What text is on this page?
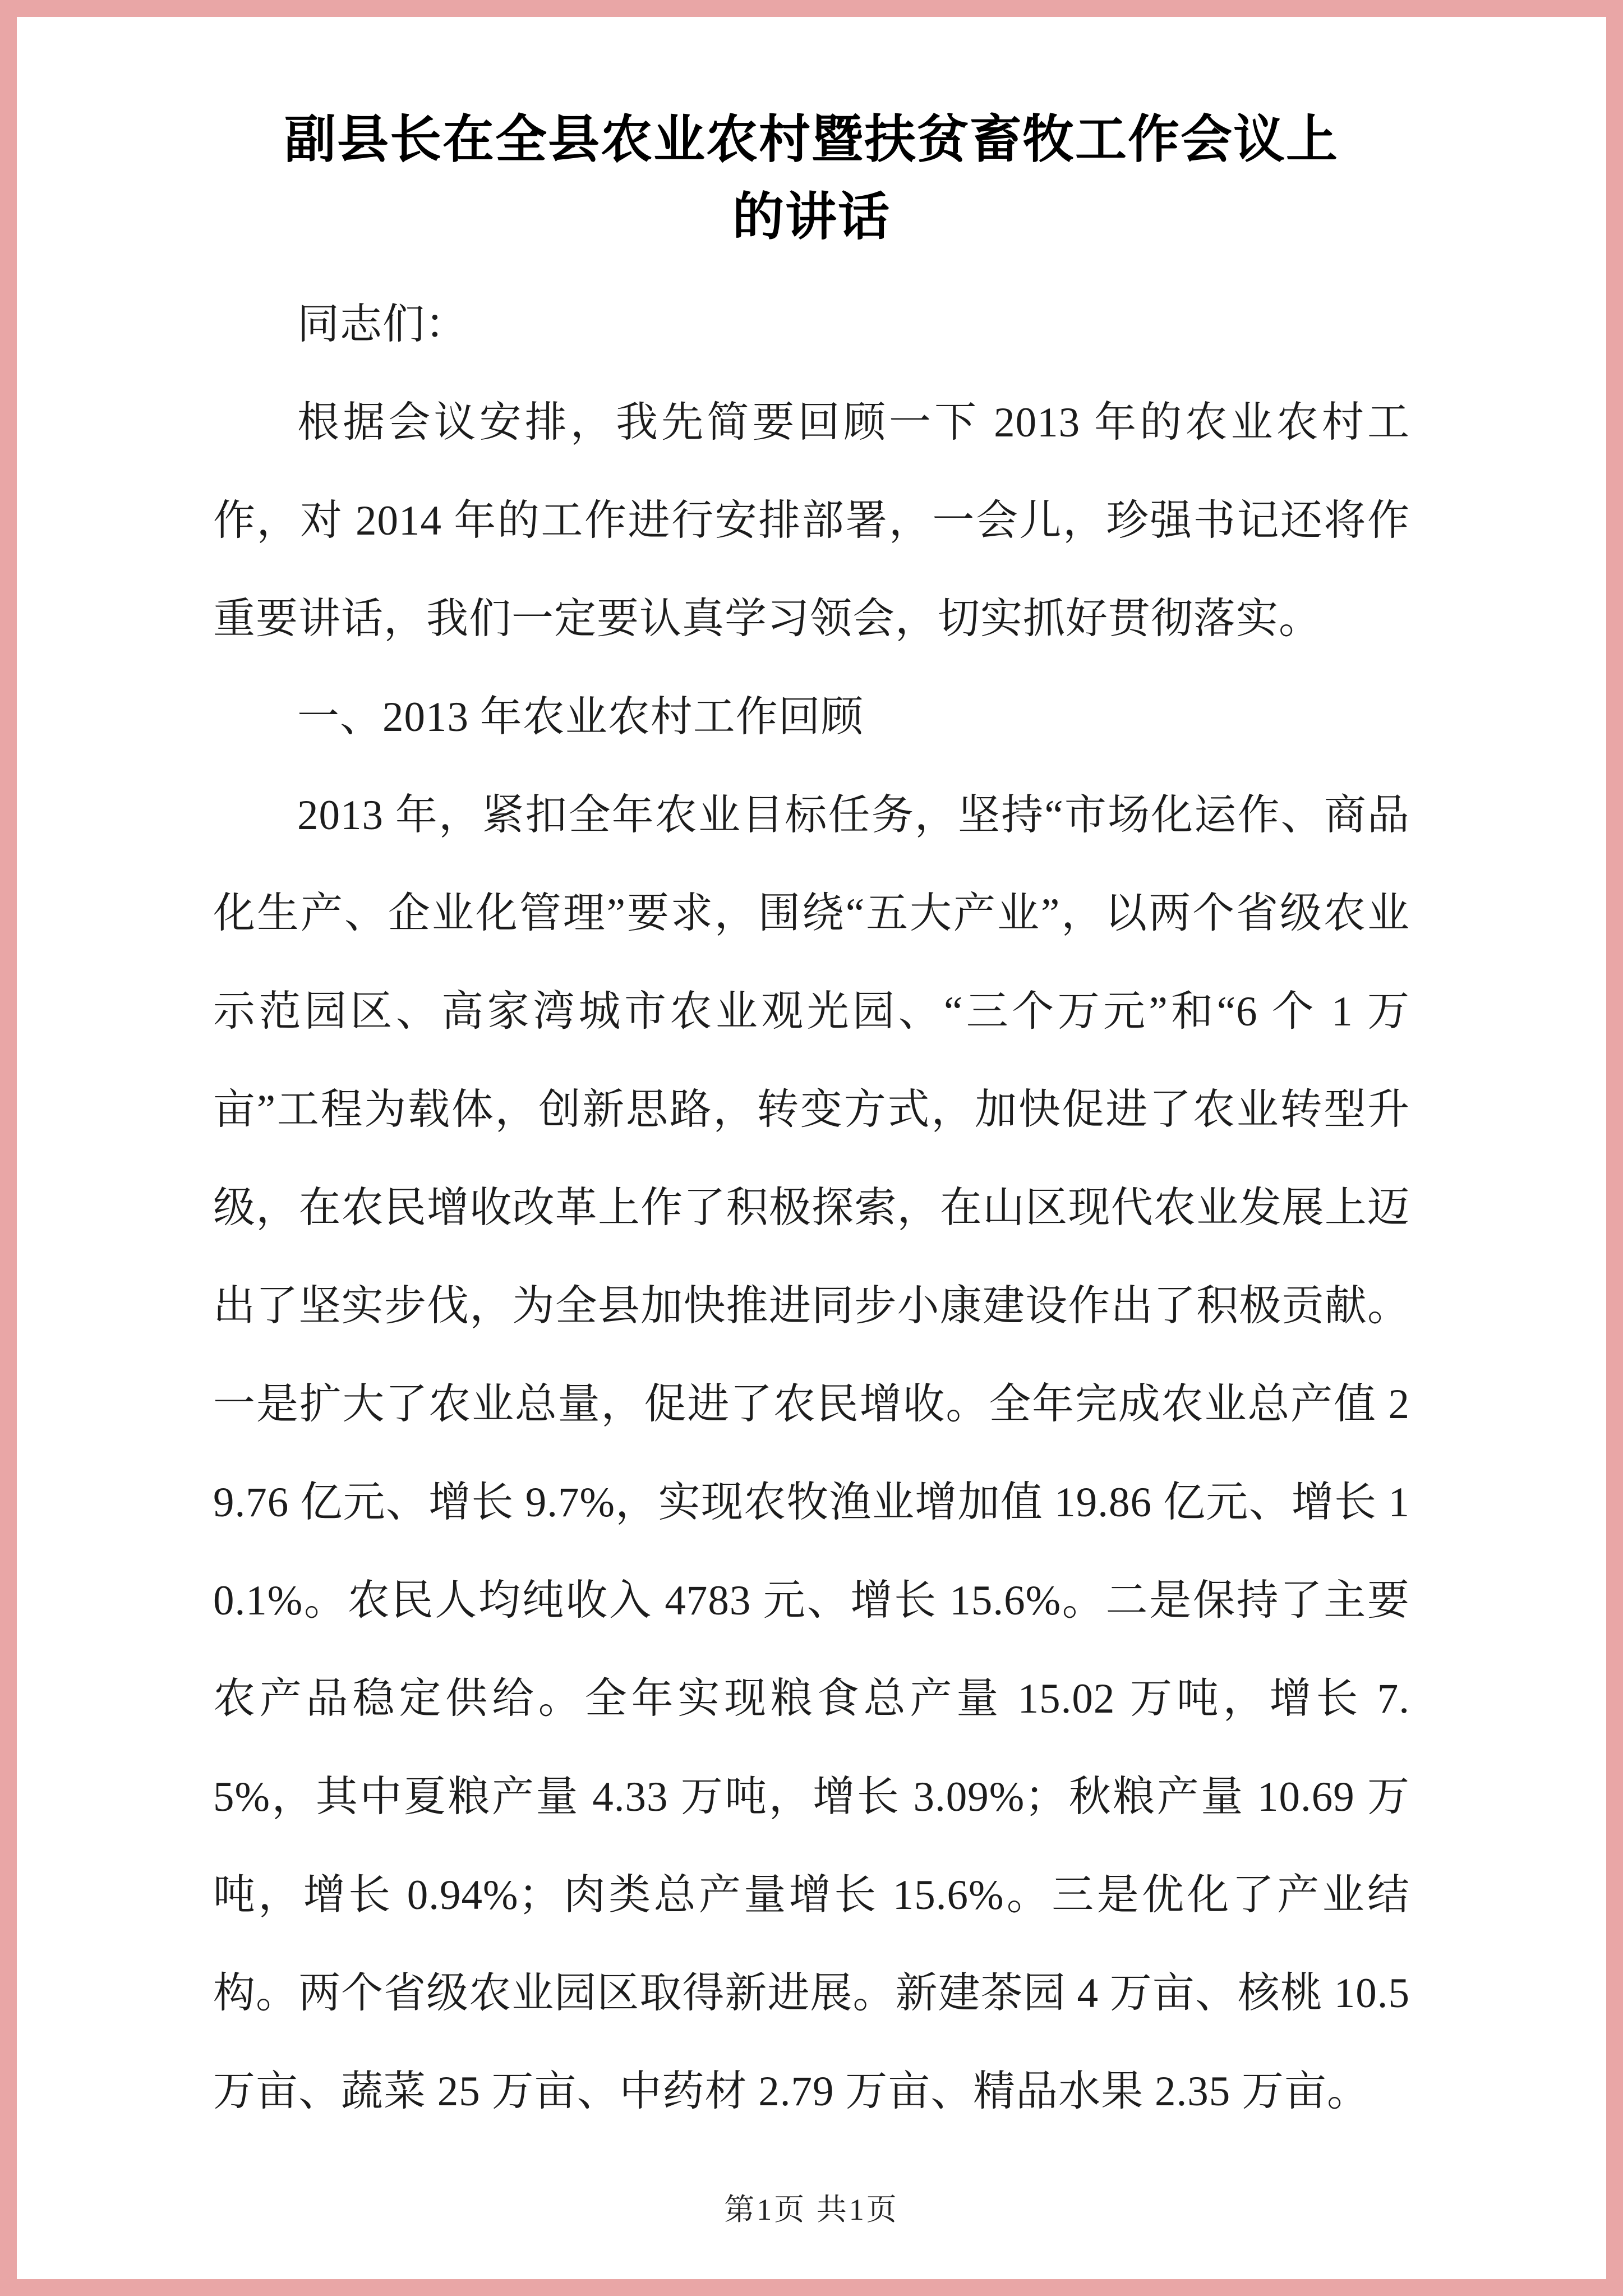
副县长在全县农业农村暨扶贫畜牧工作会议上
的讲话

同志们：

根据会议安排，我先简要回顾一下 2013 年的农业农村工作，对 2014 年的工作进行安排部署，一会儿，珍强书记还将作重要讲话，我们一定要认真学习领会，切实抓好贯彻落实。

一、2013 年农业农村工作回顾

2013 年，紧扣全年农业目标任务，坚持“市场化运作、商品化生产、企业化管理”要求，围绕“五大产业”，以两个省级农业示范园区、高家湾城市农业观光园、“三个万元”和“6 个 1 万亩”工程为载体，创新思路，转变方式，加快促进了农业转型升级，在农民增收改革上作了积极探索，在山区现代农业发展上迈出了坚实步伐，为全县加快推进同步小康建设作出了积极贡献。一是扩大了农业总量，促进了农民增收。全年完成农业总产值 29.76 亿元、增长 9.7%，实现农牧渔业增加值 19.86 亿元、增长 10.1%。农民人均纯收入 4783 元、增长 15.6%。二是保持了主要农产品稳定供给。全年实现粮食总产量 15.02 万吨，增长 7.5%，其中夏粮产量 4.33 万吨，增长 3.09%；秋粮产量 10.69 万吨，增长 0.94%；肉类总产量增长 15.6%。三是优化了产业结构。两个省级农业园区取得新进展。新建茶园 4 万亩、核桃 10.5 万亩、蔬菜 25 万亩、中药材 2.79 万亩、精品水果 2.35 万亩。

第1页 共1页
